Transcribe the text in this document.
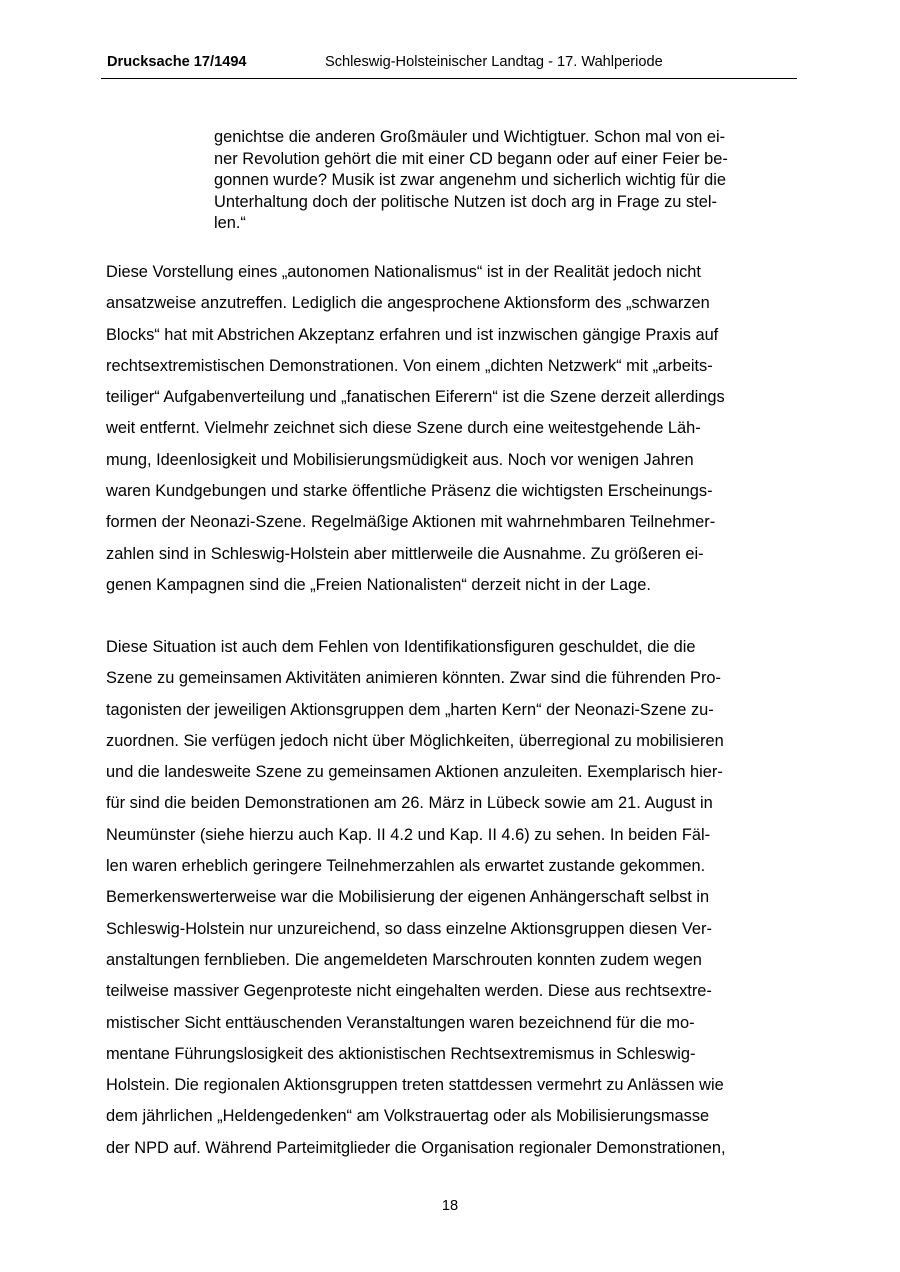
Drucksache 17/1494	Schleswig-Holsteinischer Landtag - 17. Wahlperiode
genichtse die anderen Großmäuler und Wichtigtuer. Schon mal von ei-
ner Revolution gehört die mit einer CD begann oder auf einer Feier be-
gonnen wurde? Musik ist zwar angenehm und sicherlich wichtig für die
Unterhaltung doch der politische Nutzen ist doch arg in Frage zu stel-
len.“
Diese Vorstellung eines „autonomen Nationalismus“ ist in der Realität jedoch nicht
ansatzweise anzutreffen. Lediglich die angesprochene Aktionsform des „schwarzen
Blocks“ hat mit Abstrichen Akzeptanz erfahren und ist inzwischen gängige Praxis auf
rechtsextremistischen Demonstrationen. Von einem „dichten Netzwerk“ mit „arbeits-
teiliger“ Aufgabenverteilung und „fanatischen Eiferern“ ist die Szene derzeit allerdings
weit entfernt. Vielmehr zeichnet sich diese Szene durch eine weitestgehende Läh-
mung, Ideenlosigkeit und Mobilisierungsmüdigkeit aus. Noch vor wenigen Jahren
waren Kundgebungen und starke öffentliche Präsenz die wichtigsten Erscheinungs-
formen der Neonazi-Szene. Regelmäßige Aktionen mit wahrnehmbaren Teilnehmer-
zahlen sind in Schleswig-Holstein aber mittlerweile die Ausnahme. Zu größeren ei-
genen Kampagnen sind die „Freien Nationalisten“ derzeit nicht in der Lage.
Diese Situation ist auch dem Fehlen von Identifikationsfiguren geschuldet, die die
Szene zu gemeinsamen Aktivitäten animieren könnten. Zwar sind die führenden Pro-
tagonisten der jeweiligen Aktionsgruppen dem „harten Kern“ der Neonazi-Szene zu-
zuordnen. Sie verfügen jedoch nicht über Möglichkeiten, überregional zu mobilisieren
und die landesweite Szene zu gemeinsamen Aktionen anzuleiten. Exemplarisch hier-
für sind die beiden Demonstrationen am 26. März in Lübeck sowie am 21. August in
Neumünster (siehe hierzu auch Kap. II 4.2 und Kap. II 4.6) zu sehen. In beiden Fäl-
len waren erheblich geringere Teilnehmerzahlen als erwartet zustande gekommen.
Bemerkenswerterweise war die Mobilisierung der eigenen Anhängerschaft selbst in
Schleswig-Holstein nur unzureichend, so dass einzelne Aktionsgruppen diesen Ver-
anstaltungen fernblieben. Die angemeldeten Marschrouten konnten zudem wegen
teilweise massiver Gegenproteste nicht eingehalten werden. Diese aus rechtsextre-
mistischer Sicht enttäuschenden Veranstaltungen waren bezeichnend für die mo-
mentane Führungslosigkeit des aktionistischen Rechtsextremismus in Schleswig-
Holstein. Die regionalen Aktionsgruppen treten stattdessen vermehrt zu Anlässen wie
dem jährlichen „Heldengedenken“ am Volkstrauertag oder als Mobilisierungsmasse
der NPD auf. Während Parteimitglieder die Organisation regionaler Demonstrationen,
18
